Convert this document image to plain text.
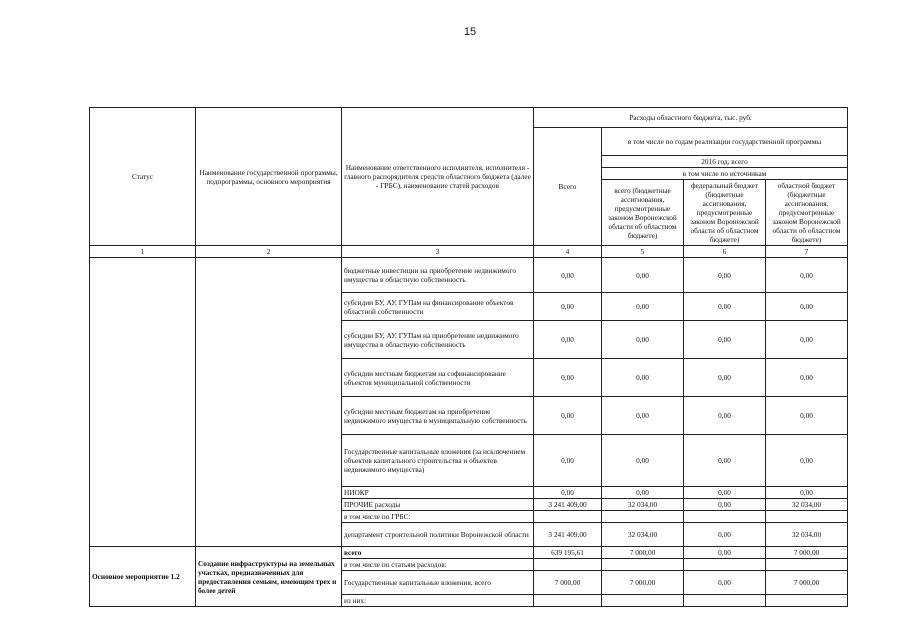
15
Статус	Наименование государственной программы, подпрограммы, основного мероприятия	Наименование ответственного исполнителя, исполнителя - главного распорядителя средств областного бюджета (далее - ГРБС), наименование статей расходов	Расходы областного бюджета, тыс. руб.			
			Всего	в том числе по годам реализации государственной программы		
				2016 год, всего		
				в том числе по источникам		
				всего (бюджетные ассигнования, предусмотренные законом Воронежской области об областном бюджете)	федеральный бюджет (бюджетные ассигнования, предусмотренные законом Воронежской области об областном бюджете)	областной бюджет (бюджетные ассигнования, предусмотренные законом Воронежской области об областном бюджете)
1	2	3	4	5	6	7
		бюджетные инвестиции на приобретение недвижимого имущества в областную собственность	0,00	0,00	0,00	0,00
		субсидии БУ, АУ, ГУПам на финансирование объектов областной собственности	0,00	0,00	0,00	0,00
		субсидии БУ, АУ, ГУПам на приобретение недвижимого имущества в областную собственность	0,00	0,00	0,00	0,00
		субсидии местным бюджетам на софинансирование объектов муниципальной собственности	0,00	0,00	0,00	0,00
		субсидии местным бюджетам на приобретение недвижимого имущества в муниципальную собственность	0,00	0,00	0,00	0,00
		Государственные капитальные вложения (за исключением объектов капитального строительства и объектов недвижимого имущества)	0,00	0,00	0,00	0,00
		НИОКР	0,00	0,00	0,00	0,00
		ПРОЧИЕ расходы	3 241 409,00	32 034,00	0,00	32 034,00
		в том числе по ГРБС:				
		департамент строительной политики Воронежской области	3 241 409,00	32 034,00	0,00	32 034,00
Основное мероприятие 1.2	Создание инфраструктуры на земельных участках, предназначенных для предоставления семьям, имеющим трех и более детей	всего	639 195,61	7 000,00	0,00	7 000,00
		в том числе по статьям расходов:				
		Государственные капитальные вложения, всего	7 000,00	7 000,00	0,00	7 000,00
		из них:				
